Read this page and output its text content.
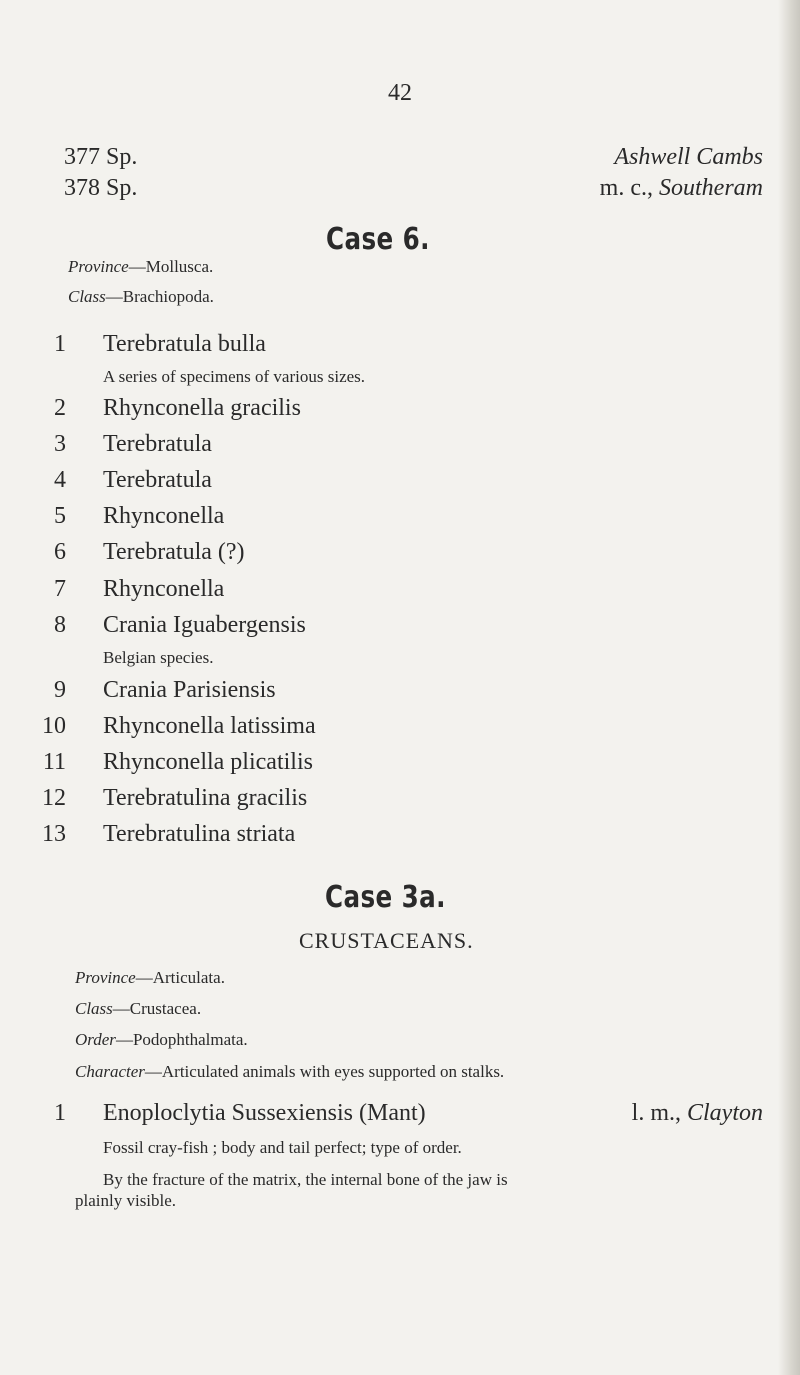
42
377 Sp.	Ashwell Cambs
378 Sp.	m. c., Southeram
Case 6.
Province—Mollusca.
Class—Brachiopoda.
1 Terebratula bulla
A series of specimens of various sizes.
2 Rhynconella gracilis
3 Terebratula
4 Terebratula
5 Rhynconella
6 Terebratula (?)
7 Rhynconella
8 Crania Iguabergensis
Belgian species.
9 Crania Parisiensis
10 Rhynconella latissima
11 Rhynconella plicatilis
12 Terebratulina gracilis
13 Terebratulina striata
Case 3a.
CRUSTACEANS.
Province—Articulata.
Class—Crustacea.
Order—Podophthalmata.
Character—Articulated animals with eyes supported on stalks.
1 Enoploclytia Sussexiensis (Mant)	l. m., Clayton
Fossil cray-fish ; body and tail perfect; type of order.
By the fracture of the matrix, the internal bone of the jaw is
plainly visible.
